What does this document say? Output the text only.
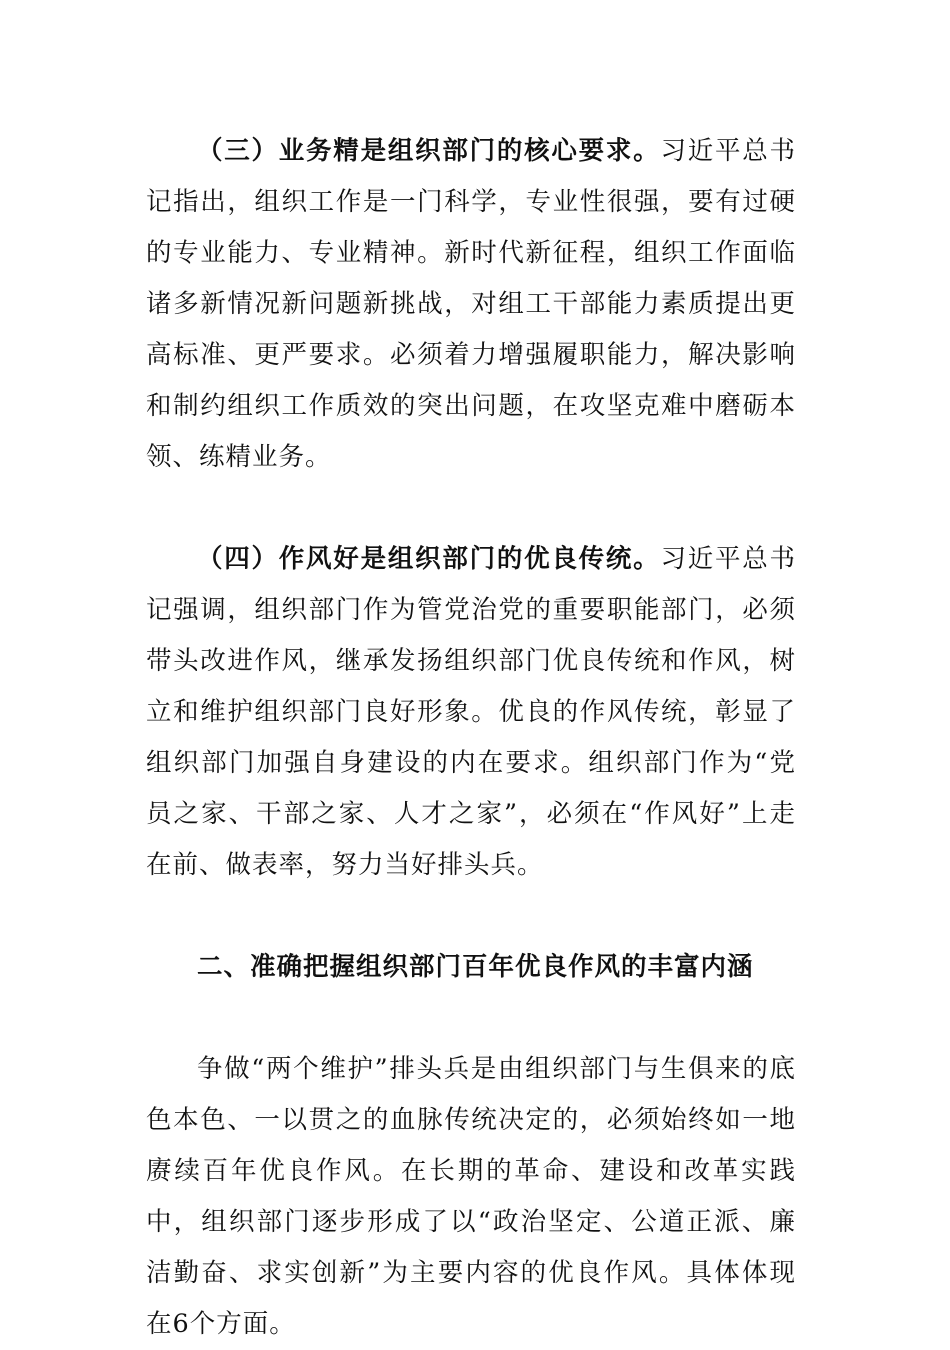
（三）业务精是组织部门的核心要求。习近平总书记指出，组织工作是一门科学，专业性很强，要有过硬的专业能力、专业精神。新时代新征程，组织工作面临诸多新情况新问题新挑战，对组工干部能力素质提出更高标准、更严要求。必须着力增强履职能力，解决影响和制约组织工作质效的突出问题，在攻坚克难中磨砺本领、练精业务。

（四）作风好是组织部门的优良传统。习近平总书记强调，组织部门作为管党治党的重要职能部门，必须带头改进作风，继承发扬组织部门优良传统和作风，树立和维护组织部门良好形象。优良的作风传统，彰显了组织部门加强自身建设的内在要求。组织部门作为“党员之家、干部之家、人才之家”，必须在“作风好”上走在前、做表率，努力当好排头兵。

二、准确把握组织部门百年优良作风的丰富内涵

争做“两个维护”排头兵是由组织部门与生俱来的底色本色、一以贯之的血脉传统决定的，必须始终如一地赓续百年优良作风。在长期的革命、建设和改革实践中，组织部门逐步形成了以“政治坚定、公道正派、廉洁勤奋、求实创新”为主要内容的优良作风。具体体现在6个方面。
